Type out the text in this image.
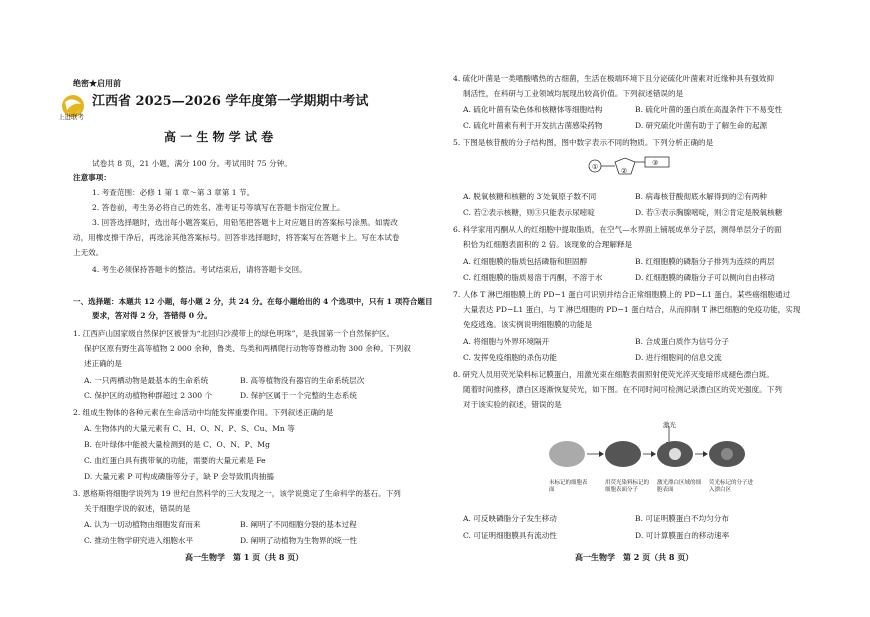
绝密★启用前
上进联考
江西省 2025—2026 学年度第一学期期中考试
高 一 生 物 学 试 卷
试卷共 8 页，21 小题，满分 100 分。考试用时 75 分钟。
注意事项：
1. 考查范围：必修 1 第 1 章～第 3 章第 1 节。
2. 答卷前，考生务必将自己的姓名、准考证号等填写在答题卡指定位置上。
3. 回答选择题时，选出每小题答案后，用铅笔把答题卡上对应题目的答案标号涂黑。如需改
动，用橡皮擦干净后，再选涂其他答案标号。回答非选择题时，将答案写在答题卡上。写在本试卷
上无效。
4. 考生必须保持答题卡的整洁。考试结束后，请将答题卡交回。
一、选择题：本题共 12 小题，每小题 2 分，共 24 分。在每小题给出的 4 个选项中，只有 1 项符合题目
要求，答对得 2 分，答错得 0 分。
1. 江西庐山国家级自然保护区被誉为“北回归沙漠带上的绿色明珠”，是我国第一个自然保护区。
保护区原有野生高等植物 2 000 余种，鲁类、鸟类和两栖爬行动物等脊椎动物 300 余种。下列叙
述正确的是
A. 一只两栖动物是最基本的生命系统	B. 高等植物没有器官的生命系统层次
C. 保护区的动植物种群超过 2 300 个	D. 保护区属于一个完整的生态系统
2. 组成生物体的各种元素在生命活动中均能发挥重要作用。下列叙述正确的是
A. 生物体内的大量元素有 C、H、O、N、P、S、Cu、Mn 等
B. 在叶绿体中能被大量检测到的是 C、O、N、P、Mg
C. 血红蛋白具有携带氧的功能，需要的大量元素是 Fe
D. 大量元素 P 可构成磷脂等分子，缺 P 会导致肌肉抽搐
3. 恩格斯将细胞学说列为 19 世纪自然科学的三大发现之一，该学说奠定了生命科学的基石。下列
关于细胞学说的叙述，错误的是
A. 认为一切动植物由细胞发育而来	B. 阐明了不同细胞分裂的基本过程
C. 推动生物学研究进入细胞水平	D. 阐明了动植物为生物界的统一性
高一生物学　第 1 页（共 8 页）
4. 硫化叶菌是一类嗜酸嗜热的古细菌，生活在极端环境下且分泌硫化叶菌素对近缘种具有强效抑
制活性，在科研与工业领域均展现出较高价值。下列叙述错误的是
A. 硫化叶菌有染色体和核糖体等细胞结构	B. 硫化叶菌的蛋白质在高温条件下不易变性
C. 硫化叶菌素有利于开发抗古菌感染药物	D. 研究硫化叶菌有助于了解生命的起源
5. 下图是核苷酸的分子结构图，图中数字表示不同的物质。下列分析正确的是
①	②
③
A. 脱氧核糖和核糖的 3′处氧原子数不同	B. 病毒核苷酸彻底水解得到的②有两种
C. 若②表示核糖，则③只能表示尿嘧啶	D. 若③表示胸腺嘧啶，则②肯定是脱氧核糖
6. 科学家用丙酮从人的红细胞中提取脂质，在空气—水界面上铺展成单分子层，测得单层分子的面
积恰为红细胞表面积的 2 倍。该现象的合理解释是
A. 红细胞膜的脂质包括磷脂和胆固醇	B. 红细胞膜的磷脂分子排列为连续的两层
C. 红细胞膜的脂质易溶于丙酮，不溶于水	D. 红细胞膜的磷脂分子可以侧向自由移动
7. 人体 T 淋巴细胞膜上的 PD−1 蛋白可识别并结合正常细胞膜上的 PD−L1 蛋白。某些癌细胞通过
大量表达 PD−L1 蛋白，与 T 淋巴细胞的 PD−1 蛋白结合，从而抑制 T 淋巴细胞的免疫功能，实现
免疫逃逸。该实例说明细胞膜的功能是
A. 将细胞与外界环境隔开	B. 合成蛋白质作为信号分子
C. 发挥免疫细胞的杀伤功能	D. 进行细胞间的信息交流
8. 研究人员用荧光染料标记膜蛋白，用激光束在细胞表面照射使荧光淬灭变暗形成褪色漂白斑。
随着时间推移，漂白区逐渐恢复荧光，如下图。在不同时间可检测记录漂白区的荧光强度。下列
对于该实验的叙述，错误的是
激光
未标记的细胞表面
用荧光染料标记的细胞表面分子
激光漂白区域的细胞表面
荧光标记的分子进入漂白区
A. 可反映磷脂分子发生移动	B. 可证明膜蛋白不均匀分布
C. 可证明细胞膜具有流动性	D. 可计算膜蛋白的移动速率
高一生物学　第 2 页（共 8 页）
